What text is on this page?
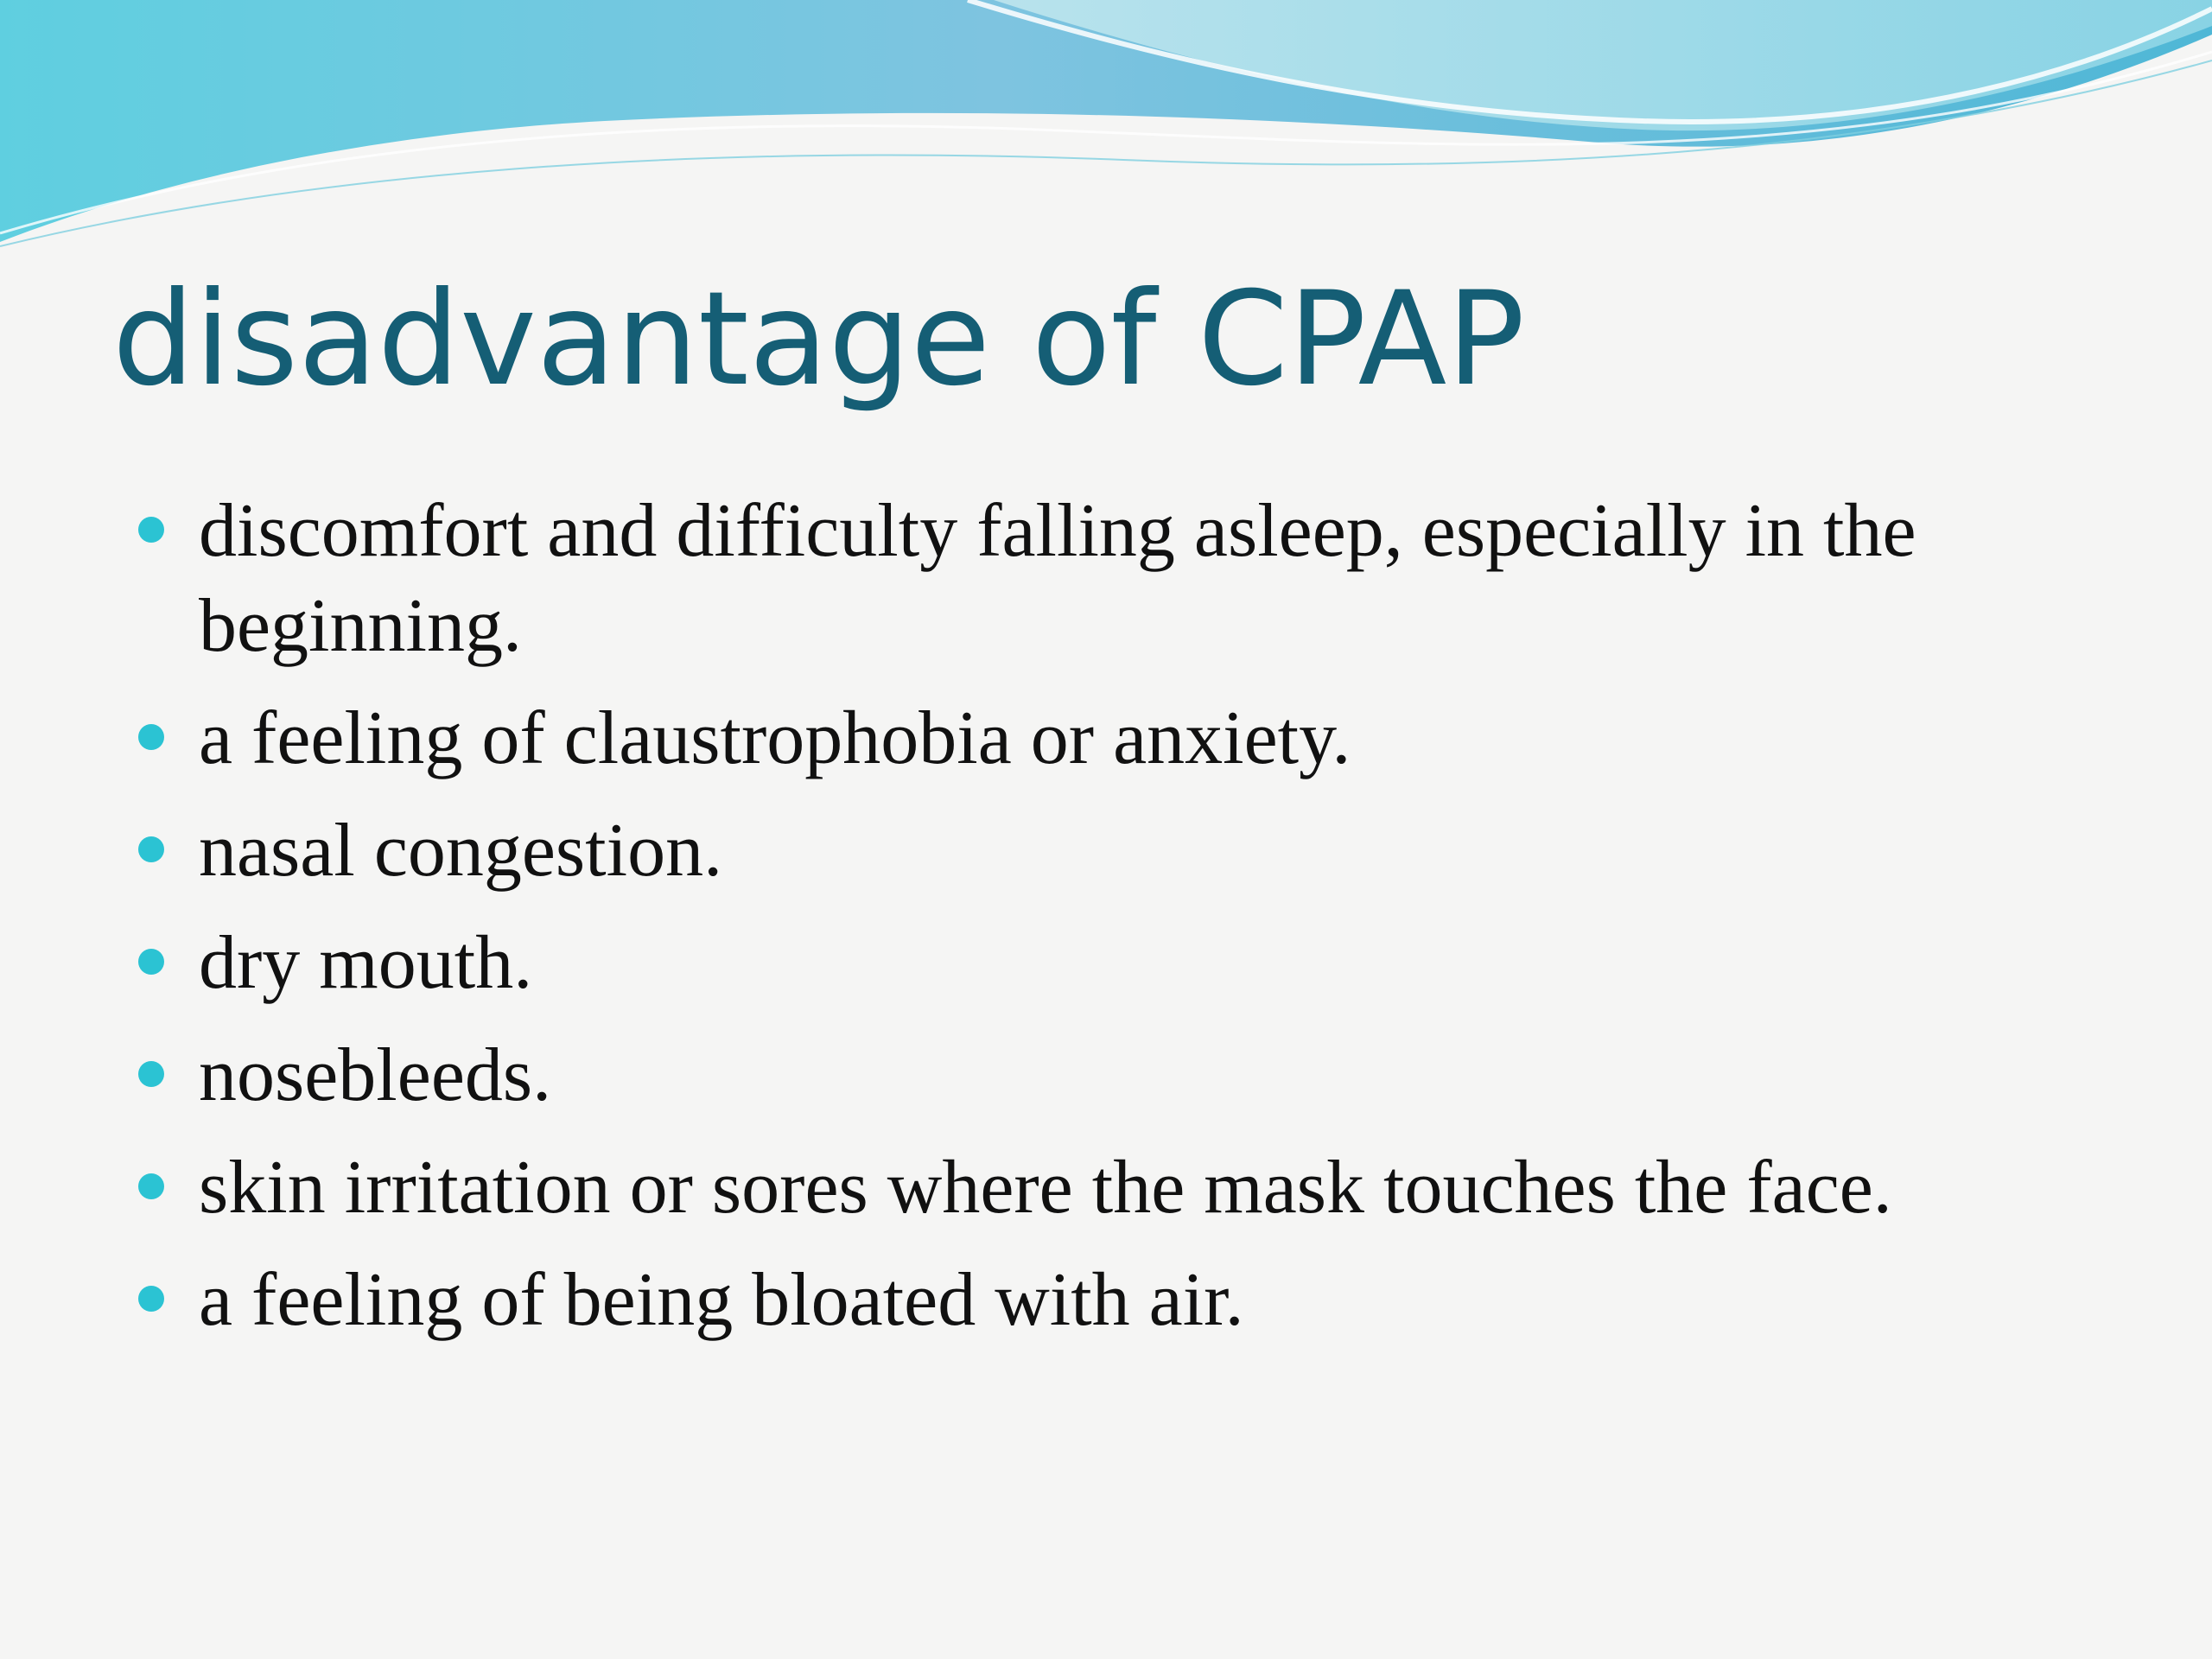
disadvantage of CPAP
discomfort and difficulty falling asleep, especially in the beginning.
a feeling of claustrophobia or anxiety.
nasal congestion.
dry mouth.
nosebleeds.
skin irritation or sores where the mask touches the face.
a feeling of being bloated with air.
